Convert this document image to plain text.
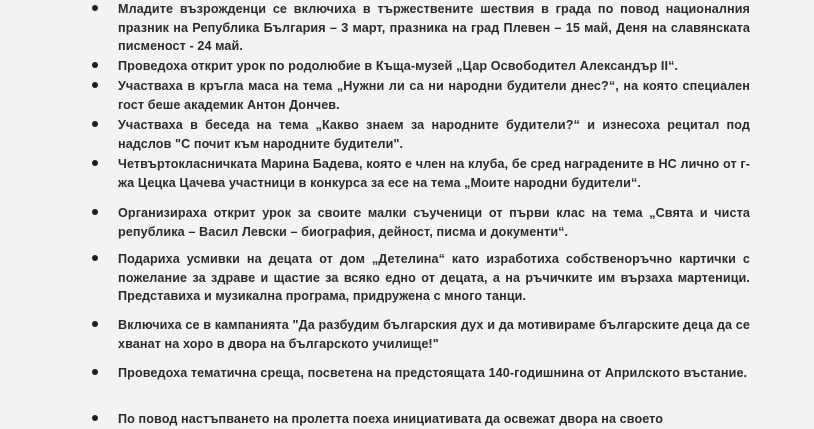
Младите възрожденци се включиха в тържествените шествия в града по повод националния празник на Република България – 3 март, празника на град Плевен – 15 май, Деня на славянската писменост - 24 май.
Проведоха открит урок по родолюбие в Къща-музей „Цар Освободител Александър II“.
Участваха в кръгла маса на тема „Нужни ли са ни народни будители днес?“, на която специален гост беше академик Антон Дончев.
Участваха в беседа на тема „Какво знаем за народните будители?“ и изнесоха рецитал под надслов "С почит към народните будители".
Четвъртокласничката Марина Бадева, която е член на клуба, бе сред наградените в НС лично от г-жа Цецка Цачева участници в конкурса за есе на тема „Моите народни будители“.
Организираха открит урок за своите малки съученици от първи клас на тема „Свята и чиста република – Васил Левски – биография, дейност, писма и документи“.
Подариха усмивки на децата от дом „Детелина“ като изработиха собственоръчно картички с пожелание за здраве и щастие за всяко едно от децата, а на ръчичките им вързаха мартеници. Представиха и музикална програма, придружена с много танци.
Включиха се в кампанията "Да разбудим българския дух и да мотивираме българските деца да се хванат на хоро в двора на българското училище!"
Проведоха тематична среща, посветена на предстоящата 140-годишнина от Априлското въстание.
По повод настъпването на пролетта поеха инициативата да освежат двора на своето
